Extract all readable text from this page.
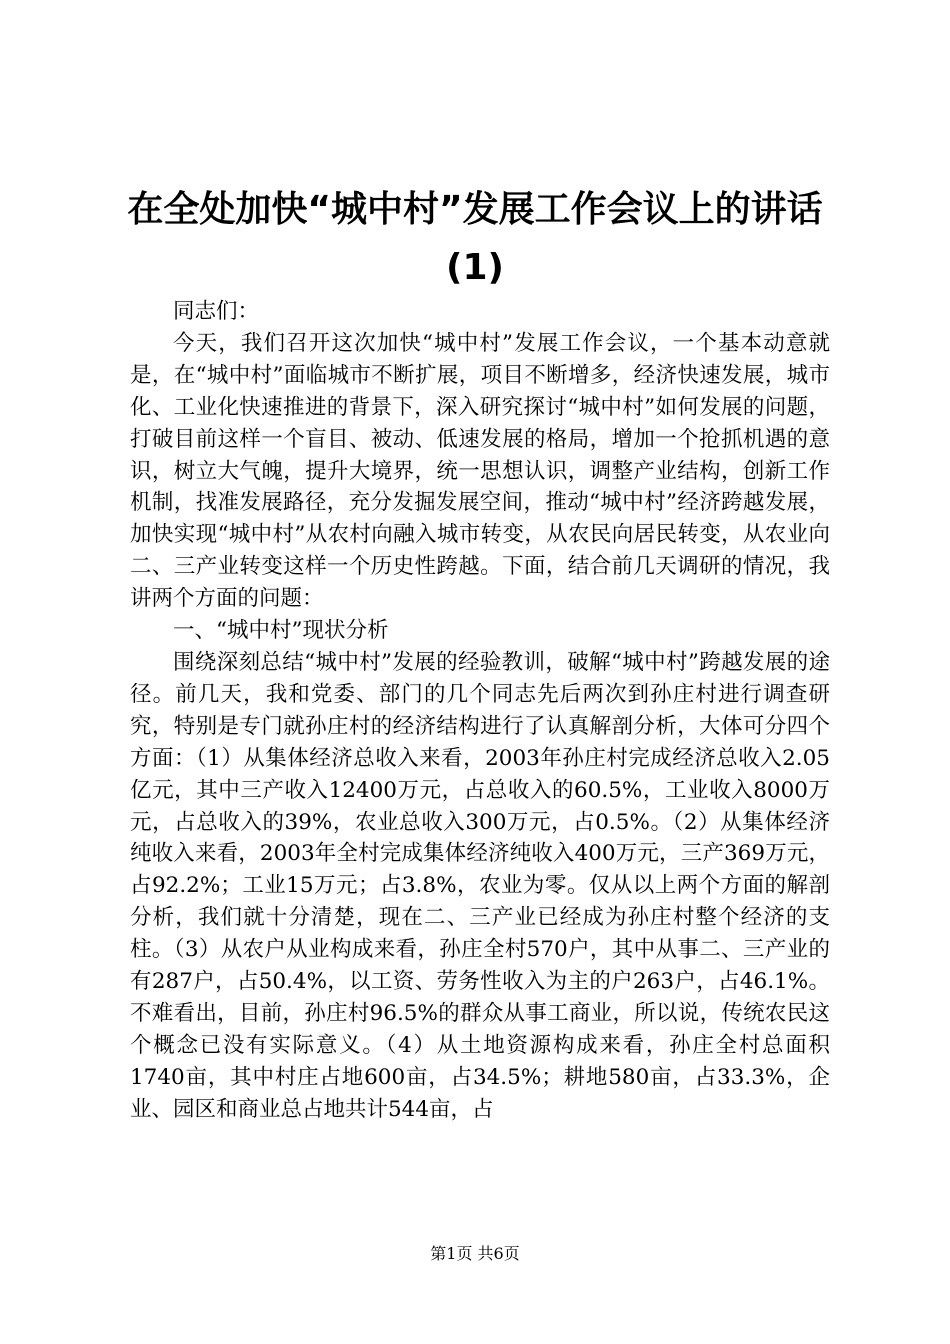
在全处加快“城中村”发展工作会议上的讲话
(1)

同志们：

今天，我们召开这次加快“城中村”发展工作会议，一个基本动意就是，在“城中村”面临城市不断扩展，项目不断增多，经济快速发展，城市化、工业化快速推进的背景下，深入研究探讨“城中村”如何发展的问题，打破目前这样一个盲目、被动、低速发展的格局，增加一个抢抓机遇的意识，树立大气魄，提升大境界，统一思想认识，调整产业结构，创新工作机制，找准发展路径，充分发掘发展空间，推动“城中村”经济跨越发展，加快实现“城中村”从农村向融入城市转变，从农民向居民转变，从农业向二、三产业转变这样一个历史性跨越。下面，结合前几天调研的情况，我讲两个方面的问题：

一、“城中村”现状分析

围绕深刻总结“城中村”发展的经验教训，破解“城中村”跨越发展的途径。前几天，我和党委、部门的几个同志先后两次到孙庄村进行调查研究，特别是专门就孙庄村的经济结构进行了认真解剖分析，大体可分四个方面：（1）从集体经济总收入来看，2003年孙庄村完成经济总收入2.05亿元，其中三产收入12400万元，占总收入的60.5%，工业收入8000万元，占总收入的39%，农业总收入300万元，占0.5%。（2）从集体经济纯收入来看，2003年全村完成集体经济纯收入400万元，三产369万元，占92.2%；工业15万元；占3.8%，农业为零。仅从以上两个方面的解剖分析，我们就十分清楚，现在二、三产业已经成为孙庄村整个经济的支柱。（3）从农户从业构成来看，孙庄全村570户，其中从事二、三产业的有287户，占50.4%，以工资、劳务性收入为主的户263户，占46.1%。不难看出，目前，孙庄村96.5%的群众从事工商业，所以说，传统农民这个概念已没有实际意义。（4）从土地资源构成来看，孙庄全村总面积1740亩，其中村庄占地600亩，占34.5%；耕地580亩，占33.3%，企业、园区和商业总占地共计544亩，占

第1页 共6页
